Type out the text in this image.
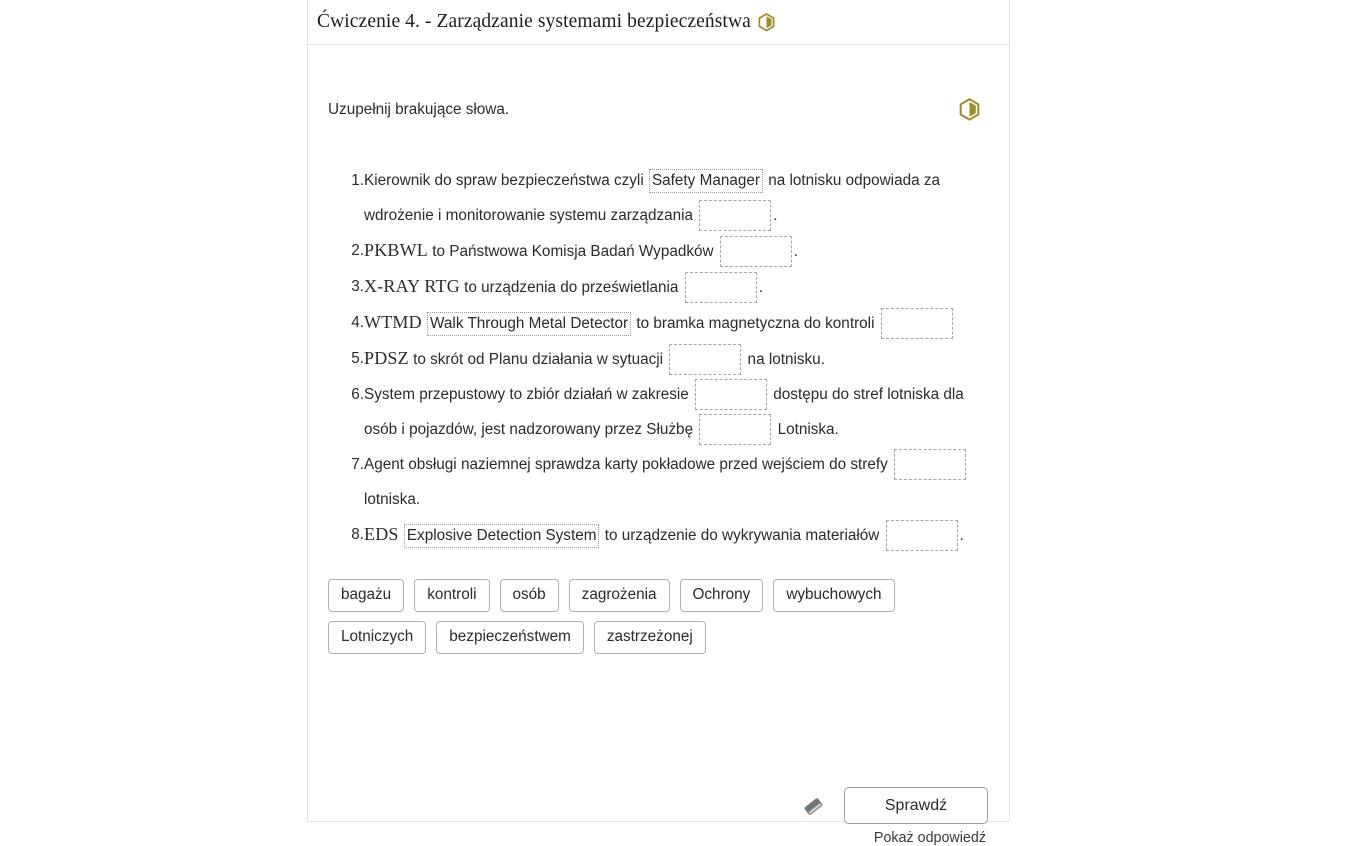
Ćwiczenie 4. - Zarządzanie systemami bezpieczeństwa
Uzupełnij brakujące słowa.
1. Kierownik do spraw bezpieczeństwa czyli Safety Manager na lotnisku odpowiada za wdrożenie i monitorowanie systemu zarządzania	.
2. PKBWL to Państwowa Komisja Badań Wypadków	.
3. X-RAY RTG to urządzenia do prześwietlania	.
4. WTMD Walk Through Metal Detector to bramka magnetyczna do kontroli
5. PDSZ to skrót od Planu działania w sytuacji	na lotnisku.
6. System przepustowy to zbiór działań w zakresie	dostępu do stref lotniska dla osób i pojazdów, jest nadzorowany przez Służbę	Lotniska.
7. Agent obsługi naziemnej sprawdza karty pokładowe przed wejściem do strefy  lotniska.
8. EDS Explosive Detection System to urządzenie do wykrywania materiałów	.
bagażu	kontroli	osób	zagrożenia	Ochrony	wybuchowych
Lotniczych	bezpieczeństwem	zastrzeżonej
Sprawdź
Pokaż odpowiedź
